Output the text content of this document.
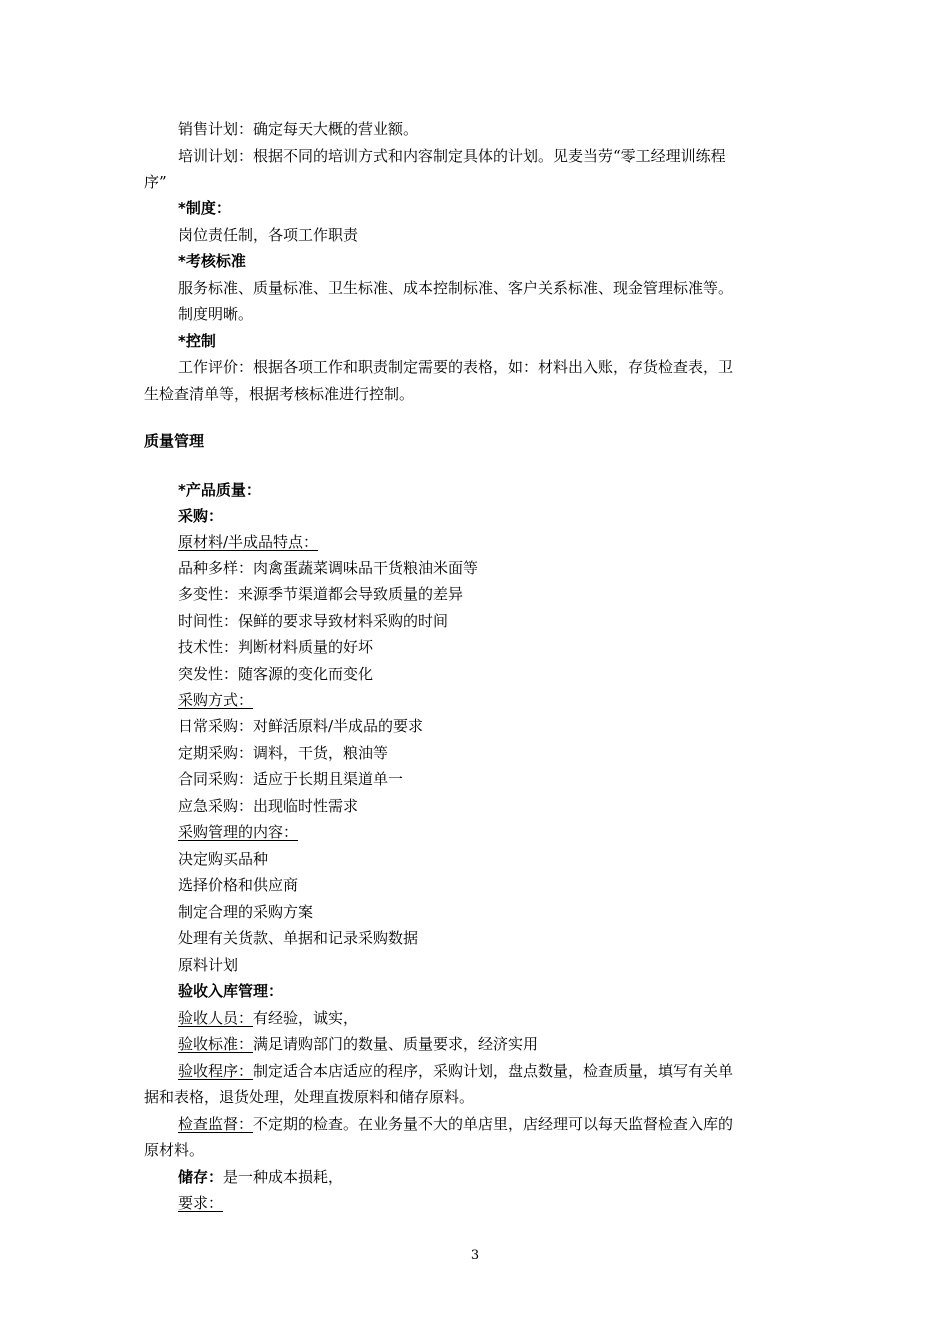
销售计划：确定每天大概的营业额。
培训计划：根据不同的培训方式和内容制定具体的计划。见麦当劳“零工经理训练程
序”
*制度：
岗位责任制，各项工作职责
*考核标准
服务标准、质量标准、卫生标准、成本控制标准、客户关系标准、现金管理标准等。
制度明晰。
*控制
工作评价：根据各项工作和职责制定需要的表格，如：材料出入账，存货检查表，卫
生检查清单等，根据考核标准进行控制。
质量管理
*产品质量：
采购：
原材料/半成品特点：
品种多样：肉禽蛋蔬菜调味品干货粮油米面等
多变性：来源季节渠道都会导致质量的差异
时间性：保鲜的要求导致材料采购的时间
技术性：判断材料质量的好坏
突发性：随客源的变化而变化
采购方式：
日常采购：对鲜活原料/半成品的要求
定期采购：调料，干货，粮油等
合同采购：适应于长期且渠道单一
应急采购：出现临时性需求
采购管理的内容：
决定购买品种
选择价格和供应商
制定合理的采购方案
处理有关货款、单据和记录采购数据
原料计划
验收入库管理：
验收人员：有经验，诚实，
验收标准：满足请购部门的数量、质量要求，经济实用
验收程序：制定适合本店适应的程序，采购计划，盘点数量，检查质量，填写有关单
据和表格，退货处理，处理直拨原料和储存原料。
检查监督：不定期的检查。在业务量不大的单店里，店经理可以每天监督检查入库的
原材料。
储存：是一种成本损耗，
要求：
3
